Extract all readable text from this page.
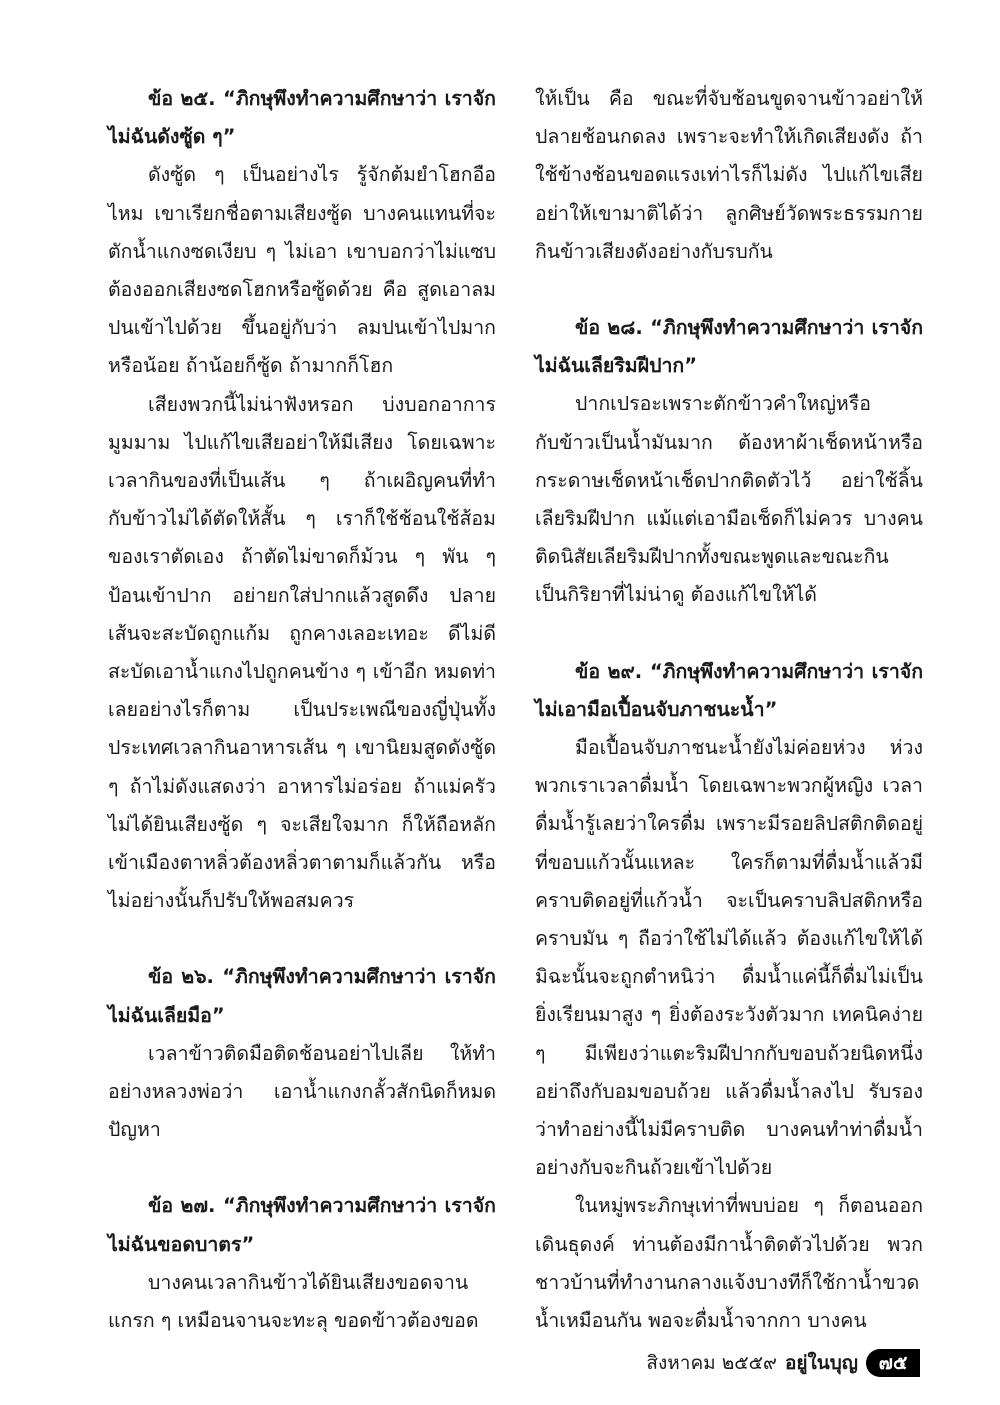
ข้อ ๒๕. “ภิกษุพึงทำความศึกษาว่า เราจักไม่ฉันดังซู้ด ๆ”

ดังซู้ด ๆ เป็นอย่างไร รู้จักต้มยำโฮกอือไหม เขาเรียกชื่อตามเสียงซู้ด บางคนแทนที่จะตักน้ำแกงซดเงียบ ๆ ไม่เอา เขาบอกว่าไม่แซบต้องออกเสียงซดโฮกหรือซู้ดด้วย คือ สูดเอาลมปนเข้าไปด้วย ขึ้นอยู่กับว่า ลมปนเข้าไปมากหรือน้อย ถ้าน้อยก็ซู้ด ถ้ามากก็โฮก

เสียงพวกนี้ไม่น่าฟังหรอก บ่งบอกอาการมูมมาม ไปแก้ไขเสียอย่าให้มีเสียง โดยเฉพาะเวลากินของที่เป็นเส้น ๆ ถ้าเผอิญคนที่ทำกับข้าวไม่ได้ตัดให้สั้น ๆ เราก็ใช้ช้อนใช้ส้อมของเราตัดเอง ถ้าตัดไม่ขาดก็ม้วน ๆ พัน ๆ ป้อนเข้าปาก อย่ายกใส่ปากแล้วสูดดึง ปลายเส้นจะสะบัดถูกแก้ม ถูกคางเลอะเทอะ ดีไม่ดีสะบัดเอาน้ำแกงไปถูกคนข้าง ๆ เข้าอีก หมดท่าเลยอย่างไรก็ตาม เป็นประเพณีของญี่ปุ่นทั้งประเทศเวลากินอาหารเส้น ๆ เขานิยมสูดดังซู้ด ๆ ถ้าไม่ดังแสดงว่า อาหารไม่อร่อย ถ้าแม่ครัวไม่ได้ยินเสียงซู้ด ๆ จะเสียใจมาก ก็ให้ถือหลักเข้าเมืองตาหลิ่วต้องหลิ่วตาตามก็แล้วกัน หรือไม่อย่างนั้นก็ปรับให้พอสมควร

ข้อ ๒๖. “ภิกษุพึงทำความศึกษาว่า เราจักไม่ฉันเลียมือ”

เวลาข้าวติดมือติดช้อนอย่าไปเลีย ให้ทำอย่างหลวงพ่อว่า เอาน้ำแกงกลั้วสักนิดก็หมดปัญหา

ข้อ ๒๗. “ภิกษุพึงทำความศึกษาว่า เราจักไม่ฉันขอดบาตร”

บางคนเวลากินข้าวได้ยินเสียงขอดจานแกรก ๆ เหมือนจานจะทะลุ ขอดข้าวต้องขอด

ให้เป็น คือ ขณะที่จับช้อนขูดจานข้าวอย่าให้ปลายช้อนกดลง เพราะจะทำให้เกิดเสียงดัง ถ้าใช้ข้างช้อนขอดแรงเท่าไรก็ไม่ดัง ไปแก้ไขเสียอย่าให้เขามาติได้ว่า ลูกศิษย์วัดพระธรรมกายกินข้าวเสียงดังอย่างกับรบกัน

ข้อ ๒๘. “ภิกษุพึงทำความศึกษาว่า เราจักไม่ฉันเลียริมฝีปาก”

ปากเปรอะเพราะตักข้าวคำใหญ่หรือกับข้าวเป็นน้ำมันมาก ต้องหาผ้าเช็ดหน้าหรือกระดาษเช็ดหน้าเช็ดปากติดตัวไว้ อย่าใช้ลิ้นเลียริมฝีปาก แม้แต่เอามือเช็ดก็ไม่ควร บางคนติดนิสัยเลียริมฝีปากทั้งขณะพูดและขณะกิน เป็นกิริยาที่ไม่น่าดู ต้องแก้ไขให้ได้

ข้อ ๒๙. “ภิกษุพึงทำความศึกษาว่า เราจักไม่เอามือเปื้อนจับภาชนะน้ำ”

มือเปื้อนจับภาชนะน้ำยังไม่ค่อยห่วง ห่วงพวกเราเวลาดื่มน้ำ โดยเฉพาะพวกผู้หญิง เวลาดื่มน้ำรู้เลยว่าใครดื่ม เพราะมีรอยลิปสติกติดอยู่ที่ขอบแก้วนั้นแหละ ใครก็ตามที่ดื่มน้ำแล้วมีคราบติดอยู่ที่แก้วน้ำ จะเป็นคราบลิปสติกหรือคราบมัน ๆ ถือว่าใช้ไม่ได้แล้ว ต้องแก้ไขให้ได้ มิฉะนั้นจะถูกตำหนิว่า ดื่มน้ำแค่นี้ก็ดื่มไม่เป็น ยิ่งเรียนมาสูง ๆ ยิ่งต้องระวังตัวมาก เทคนิคง่าย ๆ มีเพียงว่าแตะริมฝีปากกับขอบถ้วยนิดหนึ่ง อย่าถึงกับอมขอบถ้วย แล้วดื่มน้ำลงไป รับรองว่าทำอย่างนี้ไม่มีคราบติด บางคนทำท่าดื่มน้ำอย่างกับจะกินถ้วยเข้าไปด้วย

ในหมู่พระภิกษุเท่าที่พบบ่อย ๆ ก็ตอนออกเดินธุดงค์ ท่านต้องมีกาน้ำติดตัวไปด้วย พวกชาวบ้านที่ทำงานกลางแจ้งบางทีก็ใช้กาน้ำขวดน้ำเหมือนกัน พอจะดื่มน้ำจากกา บางคน

สิงหาคม ๒๕๕๙ อยู่ในบุญ	๗๕
